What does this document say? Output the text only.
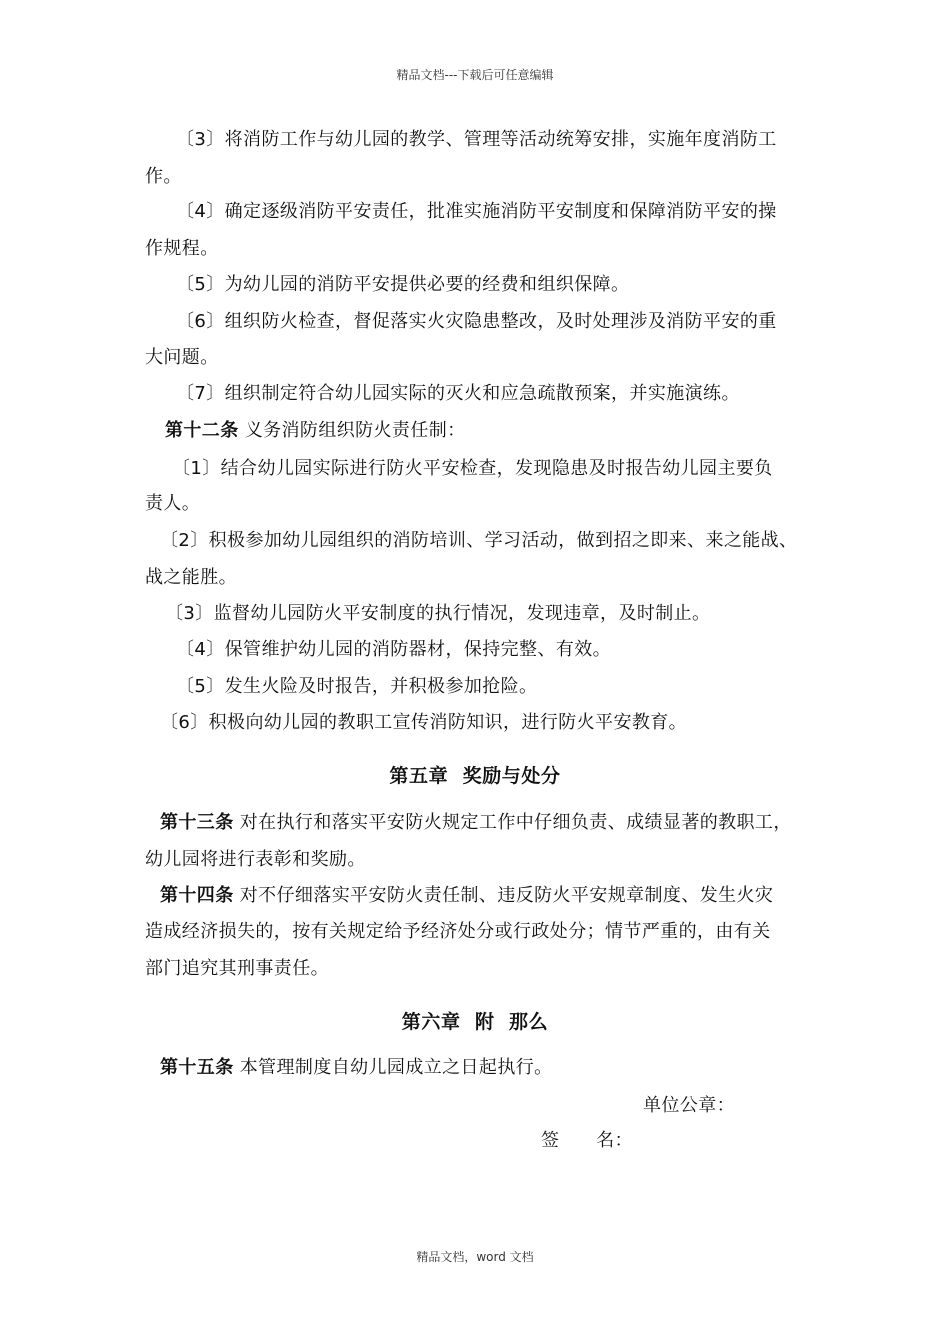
精品文档---下载后可任意编辑
〔3〕将消防工作与幼儿园的教学、管理等活动统筹安排，实施年度消防工
作。
〔4〕确定逐级消防平安责任，批准实施消防平安制度和保障消防平安的操
作规程。
〔5〕为幼儿园的消防平安提供必要的经费和组织保障。
〔6〕组织防火检查，督促落实火灾隐患整改，及时处理涉及消防平安的重
大问题。
〔7〕组织制定符合幼儿园实际的灭火和应急疏散预案，并实施演练。
第十二条 义务消防组织防火责任制：
〔1〕结合幼儿园实际进行防火平安检查，发现隐患及时报告幼儿园主要负
责人。
〔2〕积极参加幼儿园组织的消防培训、学习活动，做到招之即来、来之能战、
战之能胜。
〔3〕监督幼儿园防火平安制度的执行情况，发现违章，及时制止。
〔4〕保管维护幼儿园的消防器材，保持完整、有效。
〔5〕发生火险及时报告，并积极参加抢险。
〔6〕积极向幼儿园的教职工宣传消防知识，进行防火平安教育。
第五章  奖励与处分
第十三条 对在执行和落实平安防火规定工作中仔细负责、成绩显著的教职工，
幼儿园将进行表彰和奖励。
第十四条 对不仔细落实平安防火责任制、违反防火平安规章制度、发生火灾
造成经济损失的，按有关规定给予经济处分或行政处分；情节严重的，由有关
部门追究其刑事责任。
第六章  附  那么
第十五条 本管理制度自幼儿园成立之日起执行。
单位公章：
签      名：
精品文档，word 文档
